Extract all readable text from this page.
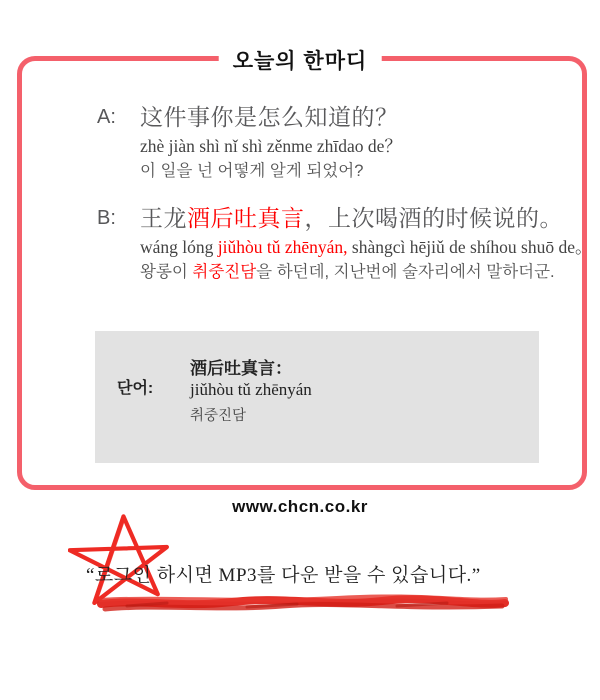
오늘의 한마디
A:	这件事你是怎么知道的？
zhè jiàn shì nǐ shì zěnme zhīdao de？
이 일을 넌 어떻게 알게 되었어?
B:	王龙酒后吐真言，上次喝酒的时候说的。
wáng lóng jiǔhòu tǔ zhēnyán, shàngcì hējiǔ de shíhou shuō de。
왕롱이 취중진담을 하던데, 지난번에 술자리에서 말하더군.
단어:
酒后吐真言：
jiǔhòu tǔ zhēnyán
취중진담
www.chcn.co.kr
“로그인 하시면 MP3를 다운 받을 수 있습니다.”
